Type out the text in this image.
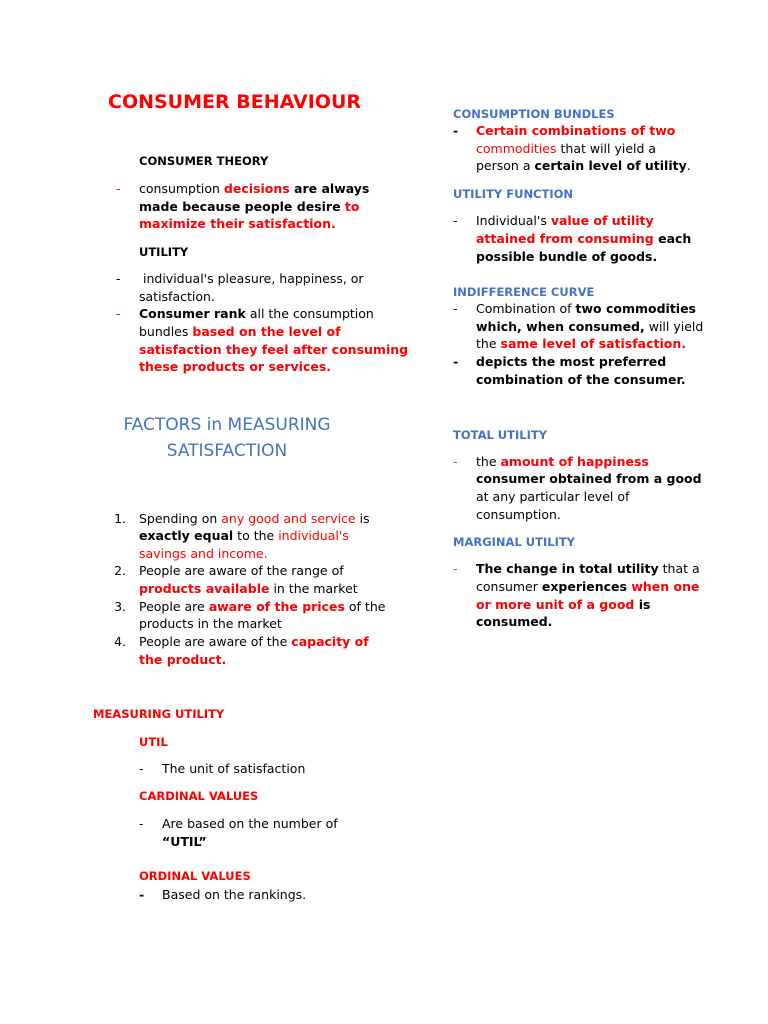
CONSUMER BEHAVIOUR
CONSUMER THEORY
- consumption decisions are always
made because people desire to
maximize their satisfaction.
UTILITY
- individual's pleasure, happiness, or
satisfaction.
- Consumer rank all the consumption
bundles based on the level of
satisfaction they feel after consuming
these products or services.
FACTORS in MEASURING
SATISFACTION
1. Spending on any good and service is
exactly equal to the individual's
savings and income.
2. People are aware of the range of
products available in the market
3. People are aware of the prices of the
products in the market
4. People are aware of the capacity of
the product.
MEASURING UTILITY
UTIL
- The unit of satisfaction
CARDINAL VALUES
- Are based on the number of
“UTIL”
ORDINAL VALUES
- Based on the rankings.
CONSUMPTION BUNDLES
- Certain combinations of two
commodities that will yield a
person a certain level of utility.
UTILITY FUNCTION
- Individual's value of utility
attained from consuming each
possible bundle of goods.
INDIFFERENCE CURVE
- Combination of two commodities
which, when consumed, will yield
the same level of satisfaction.
- depicts the most preferred
combination of the consumer.
TOTAL UTILITY
- the amount of happiness
consumer obtained from a good
at any particular level of
consumption.
MARGINAL UTILITY
- The change in total utility that a
consumer experiences when one
or more unit of a good is
consumed.
